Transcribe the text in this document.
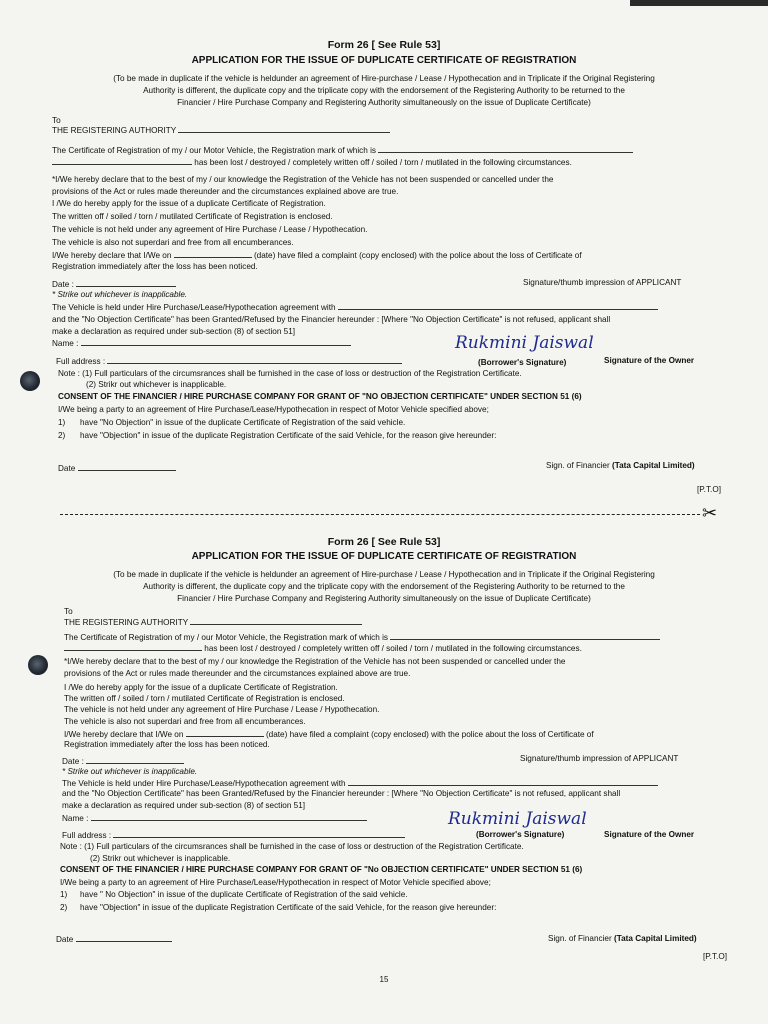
Form 26 [ See Rule 53]
APPLICATION FOR THE ISSUE OF DUPLICATE CERTIFICATE OF REGISTRATION
(To be made in duplicate if the vehicle is heldunder an agreement of Hire-purchase / Lease / Hypothecation and in Triplicate if the Original Registering
Authority is different, the duplicate copy and the triplicate copy with the endorsement of the Registering Authority to be returned to the
Financier / Hire Purchase Company and Registering Authority simultaneously on the issue of Duplicate Certificate)
To
THE REGISTERING AUTHORITY
The Certificate of Registration of my / our Motor Vehicle, the Registration mark of which is
has been lost / destroyed / completely written off / soiled / torn / mutilated in the following circumstances.
*I/We hereby declare that to the best of my / our knowledge the Registration of the Vehicle has not been suspended or cancelled under the
provisions of the Act or rules made thereunder and the circumstances explained above are true.
I /We do hereby apply for the issue of a duplicate Certificate of Registration.
The written off / soiled / torn / mutilated Certificate of Registration is enclosed.
The vehicle is not held under any agreement of Hire Purchase / Lease / Hypothecation.
The vehicle is also not superdari and free from all encumberances.
I/We hereby declare that I/We on	(date) have filed a complaint (copy enclosed) with the police about the loss of Certificate of
Registration immediately after the loss has been noticed.
Date :	Signature/thumb impression of APPLICANT
* Strike out whichever is inapplicable.
The Vehicle is held under Hire Purchase/Lease/Hypothecation agreement with
and the "No Objection Certificate" has been Granted/Refused by the Financier hereunder : [Where "No Objection Certificate" is not refused, applicant shall
make a declaration as required under sub-section (8) of section 51]
Name :	Rukmini Jaiswal
Full address :	(Borrower's Signature)	Signature of the Owner
Note : (1) Full particulars of the circumsrances shall be furnished in the case of loss or destruction of the Registration Certificate.
(2) Strikr out whichever is inapplicable.
CONSENT OF THE FINANCIER / HIRE PURCHASE COMPANY FOR GRANT OF "NO OBJECTION CERTIFICATE" UNDER SECTION 51 (6)
I/We being a party to an agreement of Hire Purchase/Lease/Hypothecation in respect of Motor Vehicle specified above;
1) have "No Objection" in issue of the duplicate Certificate of Registration of the said vehicle.
2) have "Objection" in issue of the duplicate Registration Certificate of the said Vehicle, for the reason give hereunder:
Date	Sign. of Financier (Tata Capital Limited)
[P.T.O]
✂
Form 26 [ See Rule 53]
APPLICATION FOR THE ISSUE OF DUPLICATE CERTIFICATE OF REGISTRATION
(To be made in duplicate if the vehicle is heldunder an agreement of Hire-purchase / Lease / Hypothecation and in Triplicate if the Original Registering
Authority is different, the duplicate copy and the triplicate copy with the endorsement of the Registering Authority to be returned to the
Financier / Hire Purchase Company and Registering Authority simultaneously on the issue of Duplicate Certificate)
To
THE REGISTERING AUTHORITY
The Certificate of Registration of my / our Motor Vehicle, the Registration mark of which is
has been lost / destroyed / completely written off / soiled / torn / mutilated in the following circumstances.
*I/We hereby declare that to the best of my / our knowledge the Registration of the Vehicle has not been suspended or cancelled under the
provisions of the Act or rules made thereunder and the circumstances explained above are true.
I /We do hereby apply for the issue of a duplicate Certificate of Registration.
The written off / soiled / torn / mutilated Certificate of Registration is enclosed.
The vehicle is not held under any agreement of Hire Purchase / Lease / Hypothecation.
The vehicle is also not superdari and free from all encumberances.
I/We hereby declare that I/We on	(date) have filed a complaint (copy enclosed) with the police about the loss of Certificate of
Registration immediately after the loss has been noticed.
Date :	Signature/thumb impression of APPLICANT
* Strike out whichever is inapplicable.
The Vehicle is held under Hire Purchase/Lease/Hypothecation agreement with
and the "No Objection Certificate" has been Granted/Refused by the Financier hereunder : [Where "No Objection Certificate" is not refused, applicant shall
make a declaration as required under sub-section (8) of section 51]
Name :	Rukmini Jaiswal
Full address :	(Borrower's Signature)	Signature of the Owner
Note : (1) Full particulars of the circumsrances shall be furnished in the case of loss or destruction of the Registration Certificate.
(2) Strikr out whichever is inapplicable.
CONSENT OF THE FINANCIER / HIRE PURCHASE COMPANY FOR GRANT OF "No OBJECTION CERTIFICATE" UNDER SECTION 51 (6)
I/We being a party to an agreement of Hire Purchase/Lease/Hypothecation in respect of Motor Vehicle specified above;
1) have " No Objection" in issue of the duplicate Certificate of Registration of the said vehicle.
2) have "Objection" in issue of the duplicate Registration Certificate of the said Vehicle, for the reason give hereunder:
Date	Sign. of Financier (Tata Capital Limited)
[P.T.O]
15
